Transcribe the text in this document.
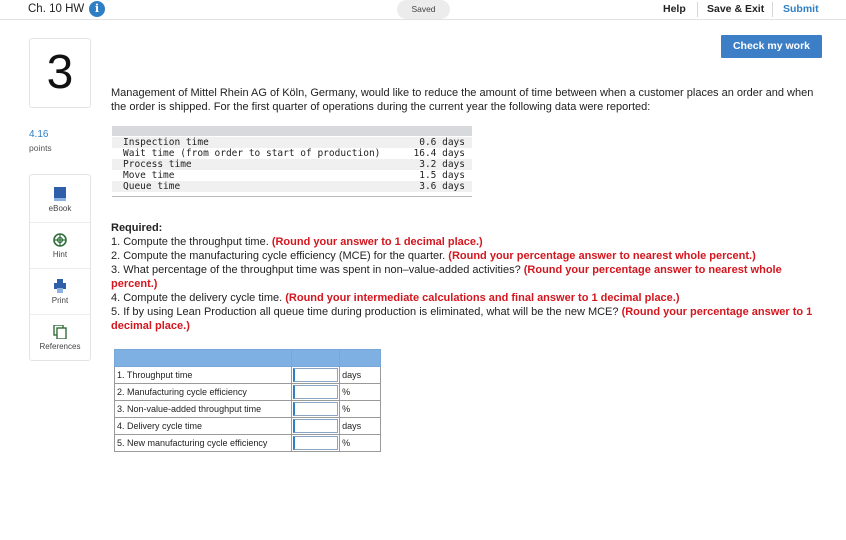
Ch. 10 HW i	Saved	Help Save & Exit Submit
Check my work
3
4.16
points
eBook
Hint
Print
References
Management of Mittel Rhein AG of Köln, Germany, would like to reduce the amount of time between when a customer places an order and when the order is shipped. For the first quarter of operations during the current year the following data were reported:
Inspection time	0.6 days
Wait time (from order to start of production)	16.4 days
Process time	3.2 days
Move time	1.5 days
Queue time	3.6 days
Required:
1. Compute the throughput time. (Round your answer to 1 decimal place.)
2. Compute the manufacturing cycle efficiency (MCE) for the quarter. (Round your percentage answer to nearest whole percent.)
3. What percentage of the throughput time was spent in non–value-added activities? (Round your percentage answer to nearest whole percent.)
4. Compute the delivery cycle time. (Round your intermediate calculations and final answer to 1 decimal place.)
5. If by using Lean Production all queue time during production is eliminated, what will be the new MCE? (Round your percentage answer to 1 decimal place.)

1. Throughput time		days
2. Manufacturing cycle efficiency		%
3. Non-value-added throughput time		%
4. Delivery cycle time		days
5. New manufacturing cycle efficiency		%
